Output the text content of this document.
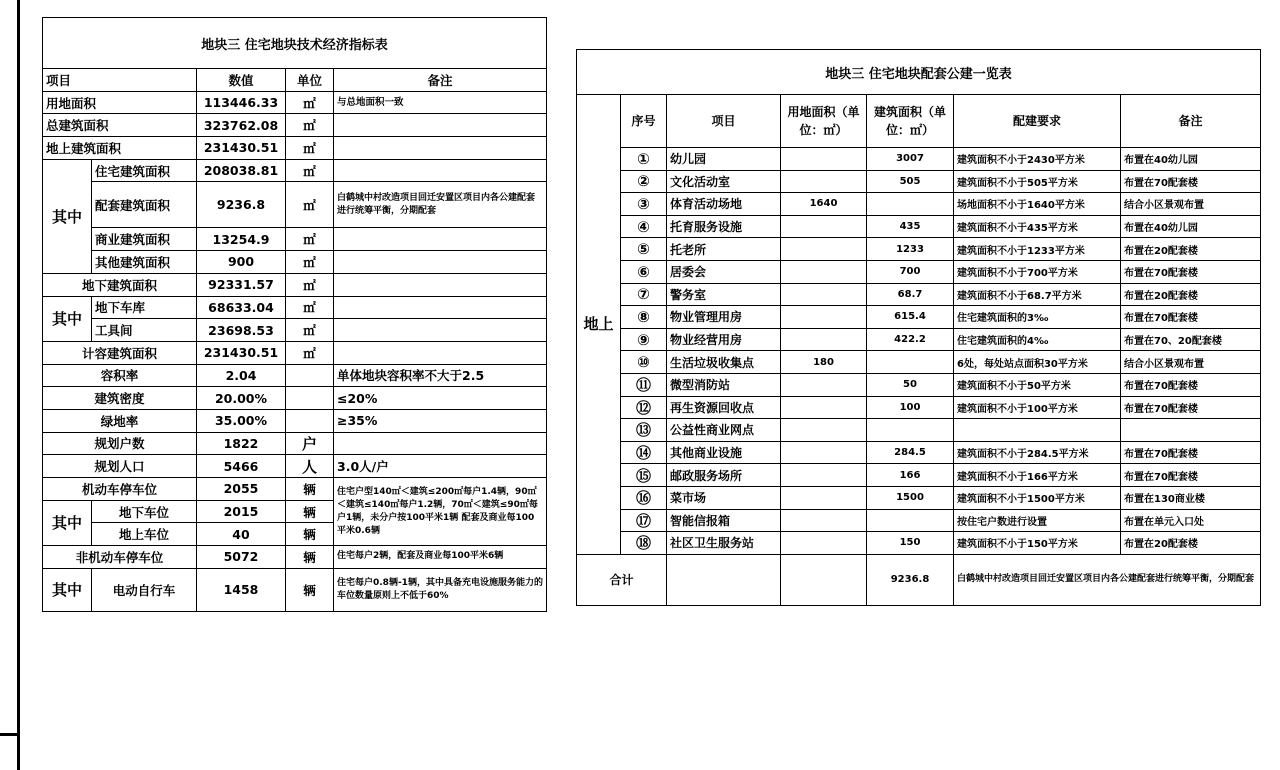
地块三 住宅地块技术经济指标表				
项目		数值	单位	备注
用地面积		113446.33	㎡	与总地面积一致
总建筑面积		323762.08	㎡	
地上建筑面积		231430.51	㎡	
其中	住宅建筑面积	208038.81	㎡	
	配套建筑面积	9236.8	㎡	白鹤城中村改造项目回迁安置区项目内各公建配套进行统筹平衡，分期配套
	商业建筑面积	13254.9	㎡	
	其他建筑面积	900	㎡	
地下建筑面积		92331.57	㎡	
其中	地下车库	68633.04	㎡	
	工具间	23698.53	㎡	
计容建筑面积		231430.51	㎡	
容积率		2.04		单体地块容积率不大于2.5
建筑密度		20.00%		≤20%
绿地率		35.00%		≥35%
规划户数		1822	户	
规划人口		5466	人	3.0人/户
机动车停车位		2055	辆	住宅户型140㎡＜建筑≤200㎡每户1.4辆，90㎡＜建筑≤140㎡每户1.2辆，70㎡＜建筑≤90㎡每户1辆，未分户按100平米1辆 配套及商业每100平米0.6辆
其中	地下车位	2015	辆	
	地上车位	40	辆	
非机动车停车位		5072	辆	住宅每户2辆，配套及商业每100平米6辆
其中	电动自行车	1458	辆	住宅每户0.8辆-1辆，其中具备充电设施服务能力的车位数量原则上不低于60%
地块三 住宅地块配套公建一览表						
地上	序号	项目	用地面积（单位：㎡）	建筑面积（单位：㎡）	配建要求	备注
	①	幼儿园		3007	建筑面积不小于2430平方米	布置在40幼儿园
	②	文化活动室		505	建筑面积不小于505平方米	布置在70配套楼
	③	体育活动场地	1640		场地面积不小于1640平方米	结合小区景观布置
	④	托育服务设施		435	建筑面积不小于435平方米	布置在40幼儿园
	⑤	托老所		1233	建筑面积不小于1233平方米	布置在20配套楼
	⑥	居委会		700	建筑面积不小于700平方米	布置在70配套楼
	⑦	警务室		68.7	建筑面积不小于68.7平方米	布置在20配套楼
	⑧	物业管理用房		615.4	住宅建筑面积的3‰	布置在70配套楼
	⑨	物业经营用房		422.2	住宅建筑面积的4‰	布置在70、20配套楼
	⑩	生活垃圾收集点	180		6处，每处站点面积30平方米	结合小区景观布置
	⑪	微型消防站		50	建筑面积不小于50平方米	布置在70配套楼
	⑫	再生资源回收点		100	建筑面积不小于100平方米	布置在70配套楼
	⑬	公益性商业网点				
	⑭	其他商业设施		284.5	建筑面积不小于284.5平方米	布置在70配套楼
	⑮	邮政服务场所		166	建筑面积不小于166平方米	布置在70配套楼
	⑯	菜市场		1500	建筑面积不小于1500平方米	布置在130商业楼
	⑰	智能信报箱			按住宅户数进行设置	布置在单元入口处
	⑱	社区卫生服务站		150	建筑面积不小于150平方米	布置在20配套楼
合计				9236.8	白鹤城中村改造项目回迁安置区项目内各公建配套进行统筹平衡，分期配套	
